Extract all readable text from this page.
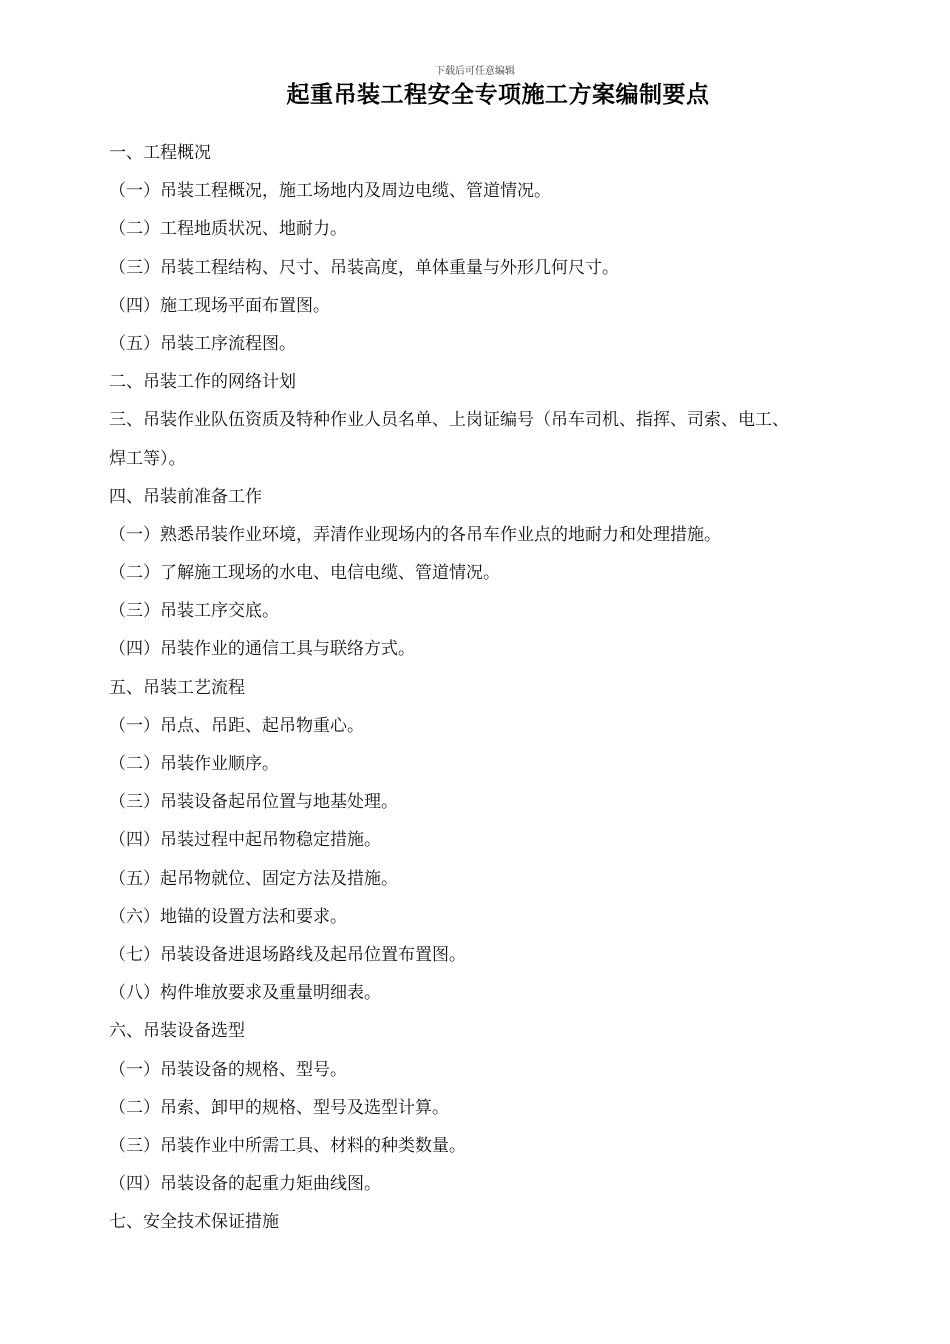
下载后可任意编辑
起重吊装工程安全专项施工方案编制要点
一、工程概况
（一）吊装工程概况，施工场地内及周边电缆、管道情况。
（二）工程地质状况、地耐力。
（三）吊装工程结构、尺寸、吊装高度，单体重量与外形几何尺寸。
（四）施工现场平面布置图。
（五）吊装工序流程图。
二、吊装工作的网络计划
三、吊装作业队伍资质及特种作业人员名单、上岗证编号（吊车司机、指挥、司索、电工、
焊工等）。
四、吊装前准备工作
（一）熟悉吊装作业环境，弄清作业现场内的各吊车作业点的地耐力和处理措施。
（二）了解施工现场的水电、电信电缆、管道情况。
（三）吊装工序交底。
（四）吊装作业的通信工具与联络方式。
五、吊装工艺流程
（一）吊点、吊距、起吊物重心。
（二）吊装作业顺序。
（三）吊装设备起吊位置与地基处理。
（四）吊装过程中起吊物稳定措施。
（五）起吊物就位、固定方法及措施。
（六）地锚的设置方法和要求。
（七）吊装设备进退场路线及起吊位置布置图。
（八）构件堆放要求及重量明细表。
六、吊装设备选型
（一）吊装设备的规格、型号。
（二）吊索、卸甲的规格、型号及选型计算。
（三）吊装作业中所需工具、材料的种类数量。
（四）吊装设备的起重力矩曲线图。
七、安全技术保证措施
